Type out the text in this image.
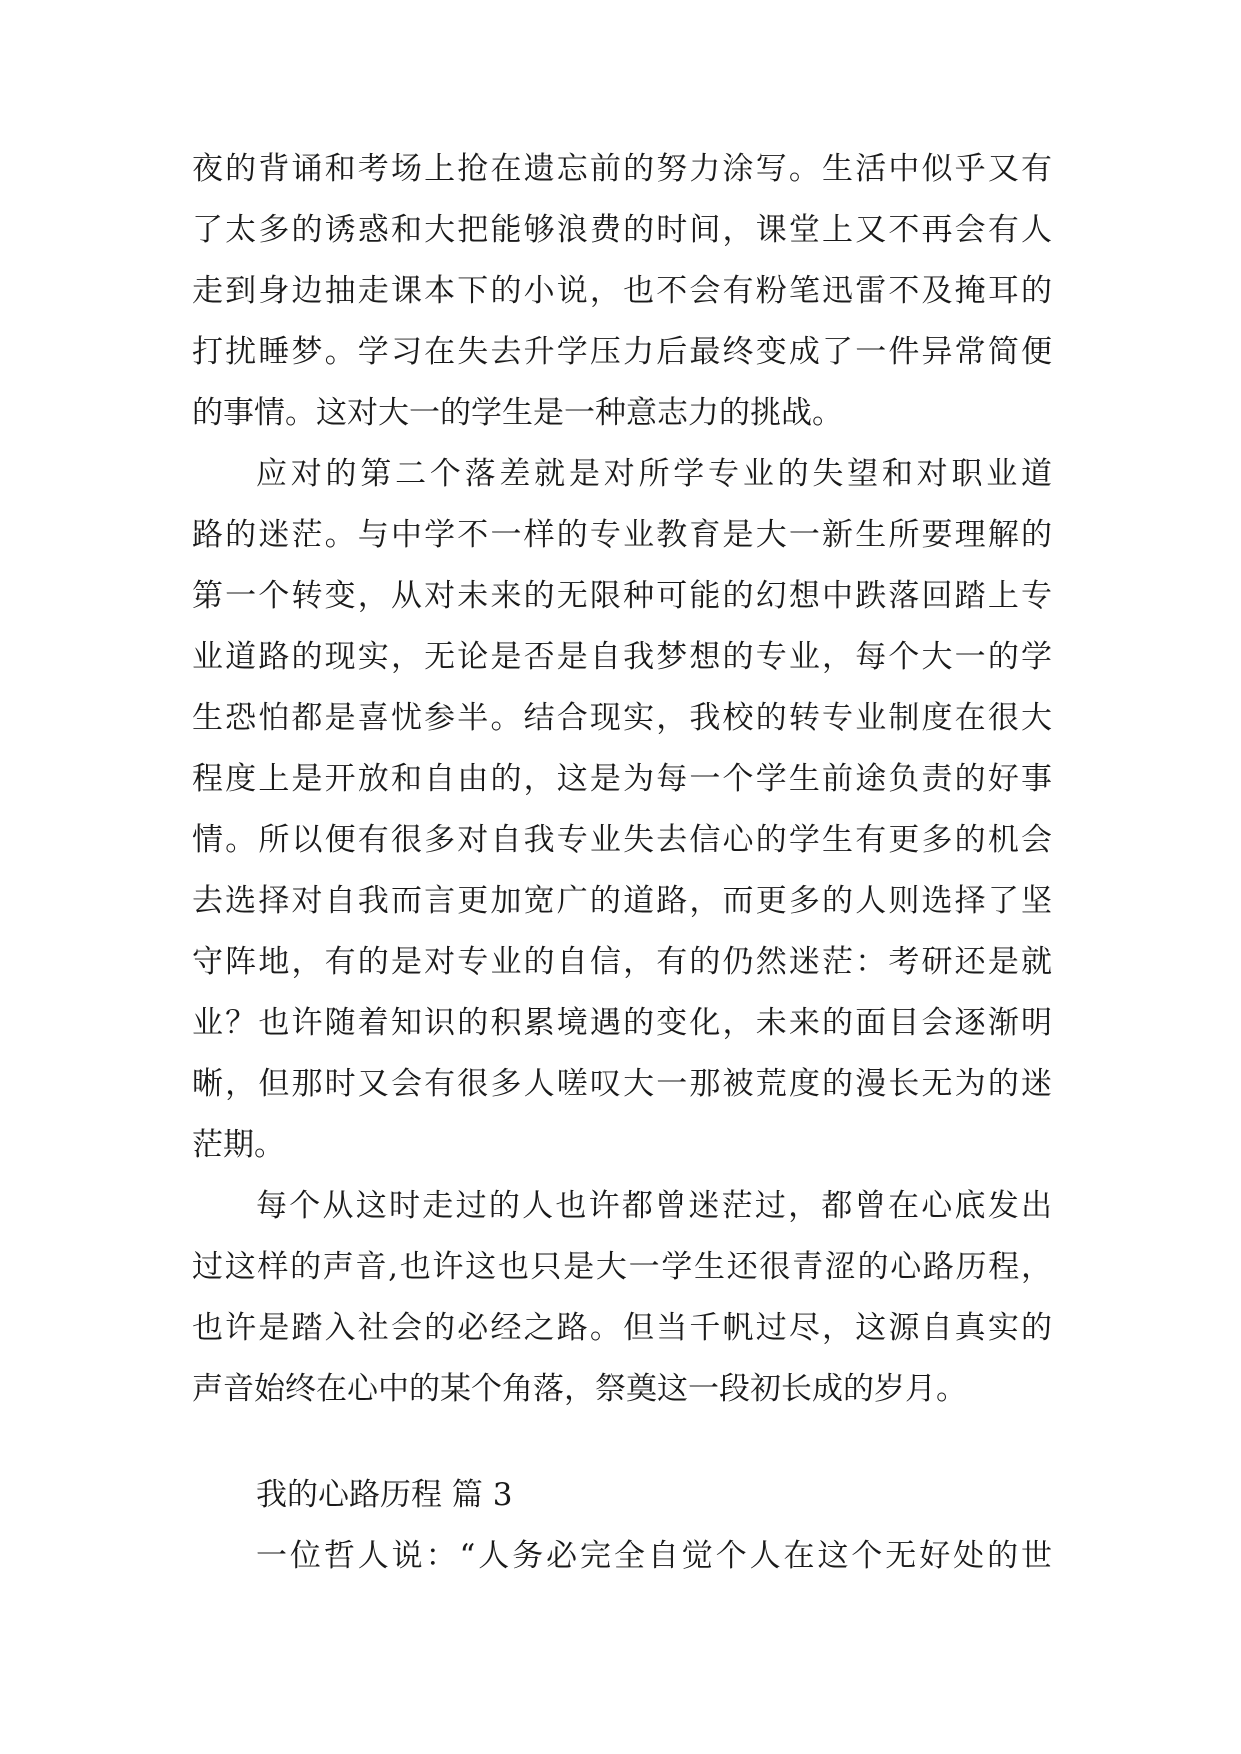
夜的背诵和考场上抢在遗忘前的努力涂写。生活中似乎又有
了太多的诱惑和大把能够浪费的时间，课堂上又不再会有人
走到身边抽走课本下的小说，也不会有粉笔迅雷不及掩耳的
打扰睡梦。学习在失去升学压力后最终变成了一件异常简便
的事情。这对大一的学生是一种意志力的挑战。
应对的第二个落差就是对所学专业的失望和对职业道
路的迷茫。与中学不一样的专业教育是大一新生所要理解的
第一个转变，从对未来的无限种可能的幻想中跌落回踏上专
业道路的现实，无论是否是自我梦想的专业，每个大一的学
生恐怕都是喜忧参半。结合现实，我校的转专业制度在很大
程度上是开放和自由的，这是为每一个学生前途负责的好事
情。所以便有很多对自我专业失去信心的学生有更多的机会
去选择对自我而言更加宽广的道路，而更多的人则选择了坚
守阵地，有的是对专业的自信，有的仍然迷茫：考研还是就
业？也许随着知识的积累境遇的变化，未来的面目会逐渐明
晰，但那时又会有很多人嗟叹大一那被荒度的漫长无为的迷
茫期。
每个从这时走过的人也许都曾迷茫过，都曾在心底发出
过这样的声音,也许这也只是大一学生还很青涩的心路历程，
也许是踏入社会的必经之路。但当千帆过尽，这源自真实的
声音始终在心中的某个角落，祭奠这一段初长成的岁月。
我的心路历程 篇 3
一位哲人说：“人务必完全自觉个人在这个无好处的世
